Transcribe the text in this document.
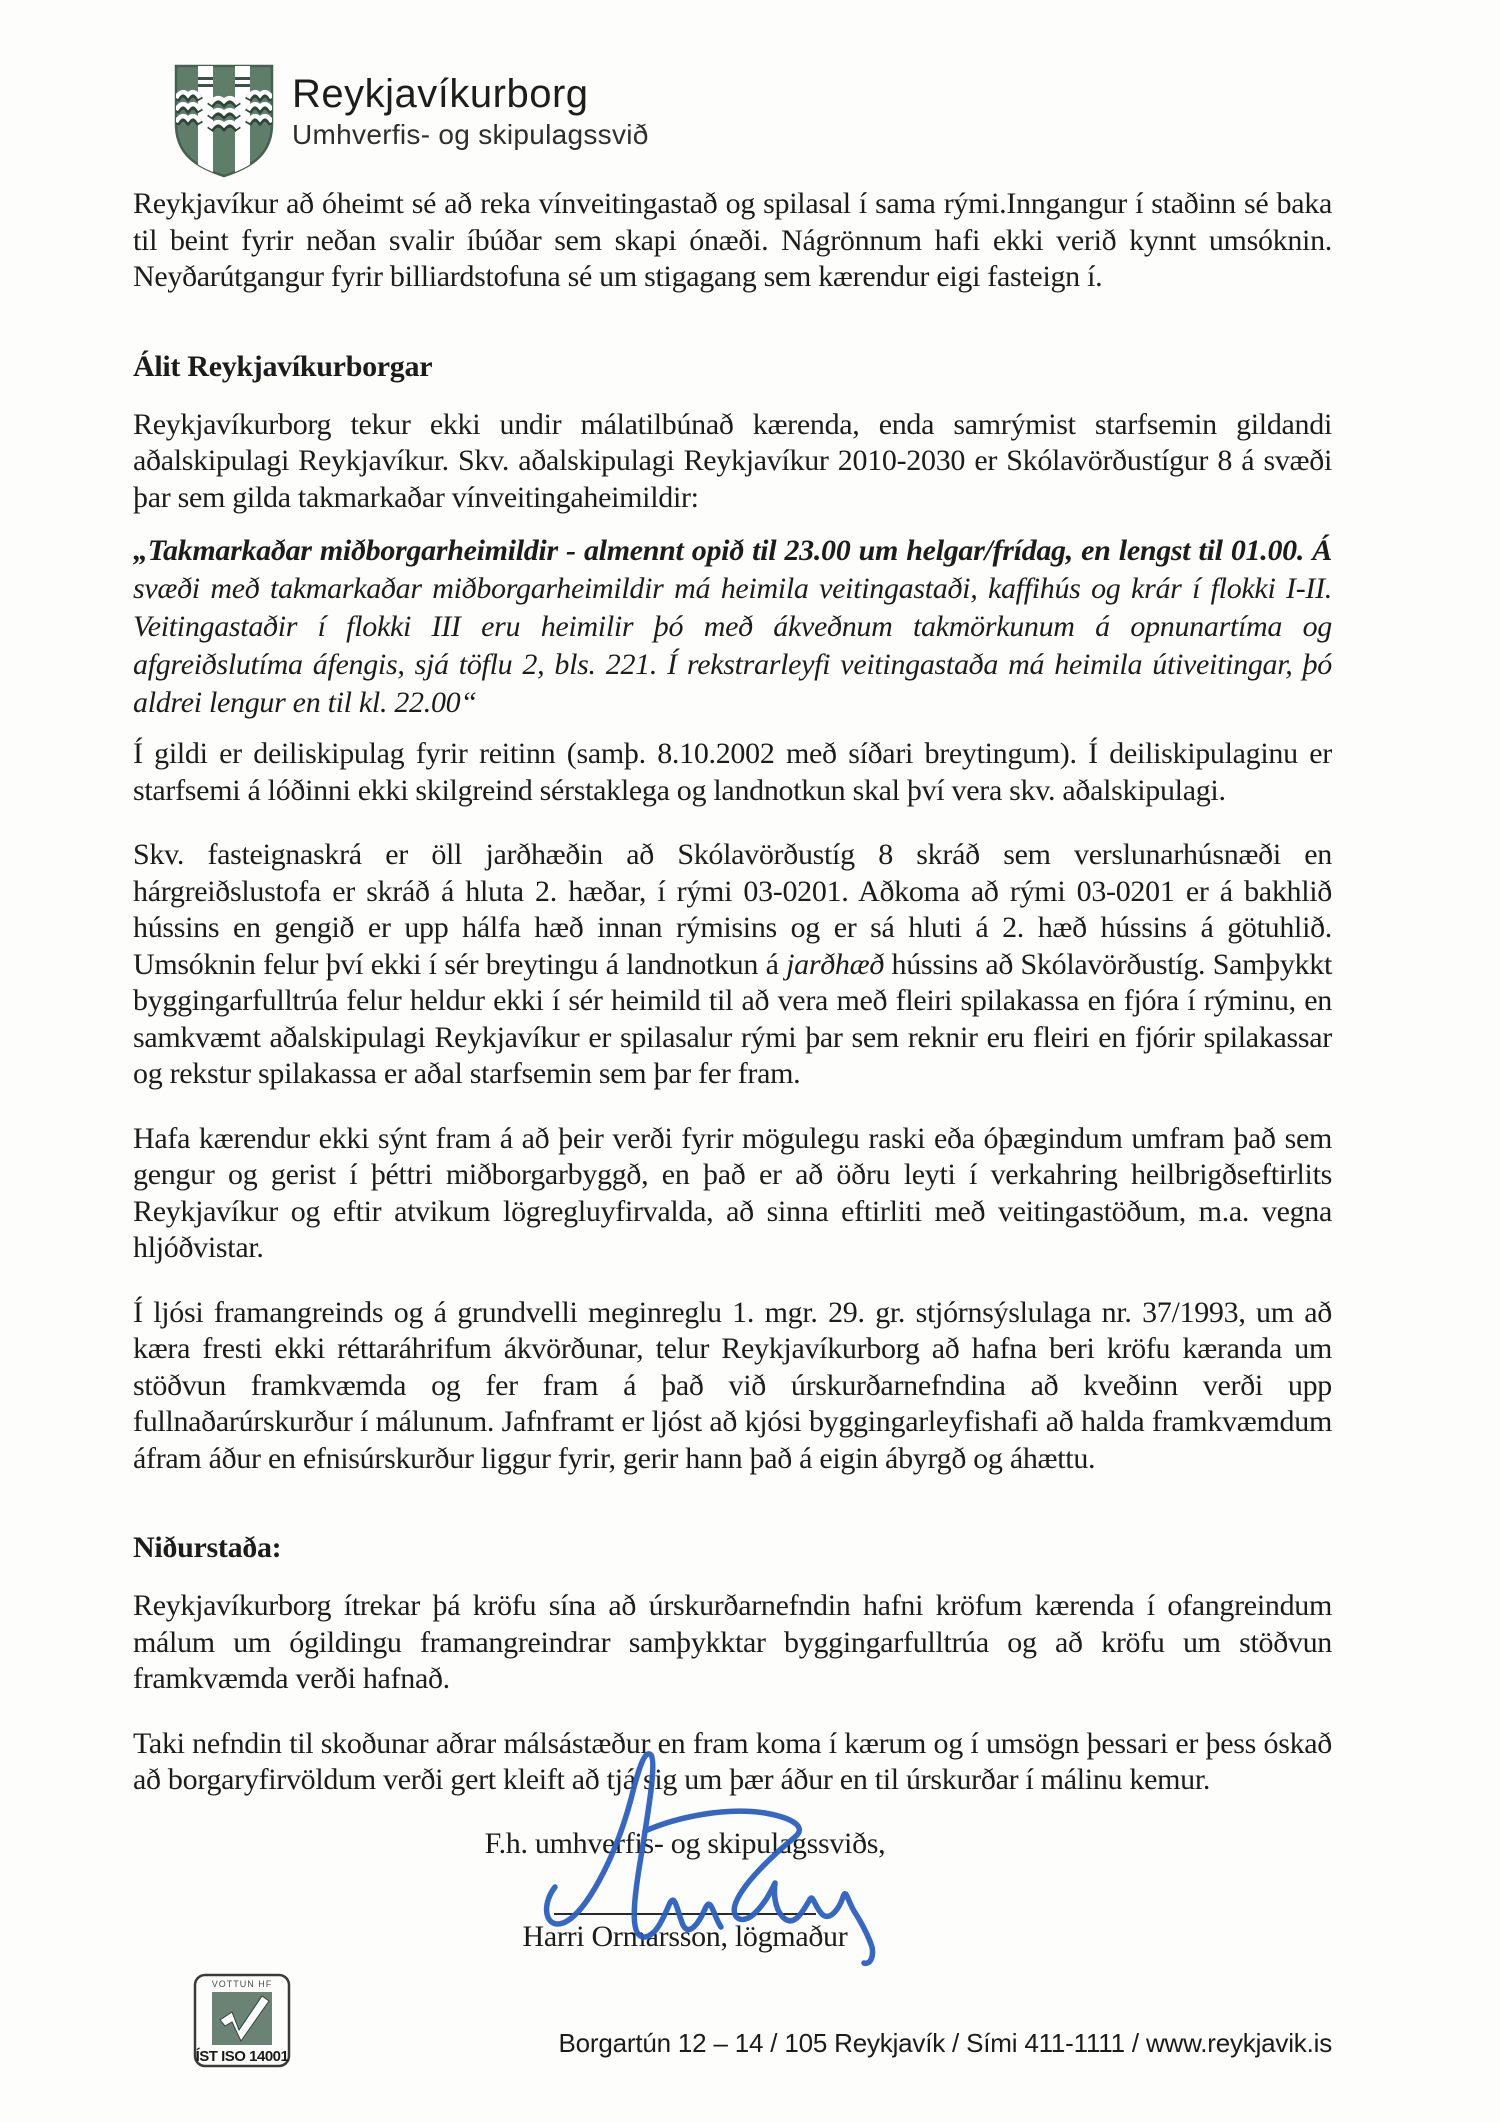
Reykjavíkurborg
Umhverfis- og skipulagssvið

Reykjavíkur að óheimt sé að reka vínveitingastað og spilasal í sama rými.Inngangur í staðinn sé baka til beint fyrir neðan svalir íbúðar sem skapi ónæði. Nágrönnum hafi ekki verið kynnt umsóknin. Neyðarútgangur fyrir billiardstofuna sé um stigagang sem kærendur eigi fasteign í.

Álit Reykjavíkurborgar

Reykjavíkurborg tekur ekki undir málatilbúnað kærenda, enda samrýmist starfsemin gildandi aðalskipulagi Reykjavíkur. Skv. aðalskipulagi Reykjavíkur 2010-2030 er Skólavörðustígur 8 á svæði þar sem gilda takmarkaðar vínveitingaheimildir:

„Takmarkaðar miðborgarheimildir - almennt opið til 23.00 um helgar/frídag, en lengst til 01.00. Á svæði með takmarkaðar miðborgarheimildir má heimila veitingastaði, kaffihús og krár í flokki I-II. Veitingastaðir í flokki III eru heimilir þó með ákveðnum takmörkunum á opnunartíma og afgreiðslutíma áfengis, sjá töflu 2, bls. 221. Í rekstrarleyfi veitingastaða má heimila útiveitingar, þó aldrei lengur en til kl. 22.00“

Í gildi er deiliskipulag fyrir reitinn (samþ. 8.10.2002 með síðari breytingum). Í deiliskipulaginu er starfsemi á lóðinni ekki skilgreind sérstaklega og landnotkun skal því vera skv. aðalskipulagi.

Skv. fasteignaskrá er öll jarðhæðin að Skólavörðustíg 8 skráð sem verslunarhúsnæði en hárgreiðslustofa er skráð á hluta 2. hæðar, í rými 03-0201. Aðkoma að rými 03-0201 er á bakhlið hússins en gengið er upp hálfa hæð innan rýmisins og er sá hluti á 2. hæð hússins á götuhlið. Umsóknin felur því ekki í sér breytingu á landnotkun á jarðhæð hússins að Skólavörðustíg. Samþykkt byggingarfulltrúa felur heldur ekki í sér heimild til að vera með fleiri spilakassa en fjóra í rýminu, en samkvæmt aðalskipulagi Reykjavíkur er spilasalur rými þar sem reknir eru fleiri en fjórir spilakassar og rekstur spilakassa er aðal starfsemin sem þar fer fram.

Hafa kærendur ekki sýnt fram á að þeir verði fyrir mögulegu raski eða óþægindum umfram það sem gengur og gerist í þéttri miðborgarbyggð, en það er að öðru leyti í verkahring heilbrigðseftirlits Reykjavíkur og eftir atvikum lögregluyfirvalda, að sinna eftirliti með veitingastöðum, m.a. vegna hljóðvistar.

Í ljósi framangreinds og á grundvelli meginreglu 1. mgr. 29. gr. stjórnsýslulaga nr. 37/1993, um að kæra fresti ekki réttaráhrifum ákvörðunar, telur Reykjavíkurborg að hafna beri kröfu kæranda um stöðvun framkvæmda og fer fram á það við úrskurðarnefndina að kveðinn verði upp fullnaðarúrskurður í málunum. Jafnframt er ljóst að kjósi byggingarleyfishafi að halda framkvæmdum áfram áður en efnisúrskurður liggur fyrir, gerir hann það á eigin ábyrgð og áhættu.

Niðurstaða:

Reykjavíkurborg ítrekar þá kröfu sína að úrskurðarnefndin hafni kröfum kærenda í ofangreindum málum um ógildingu framangreindrar samþykktar byggingarfulltrúa og að kröfu um stöðvun framkvæmda verði hafnað.

Taki nefndin til skoðunar aðrar málsástæður en fram koma í kærum og í umsögn þessari er þess óskað að borgaryfirvöldum verði gert kleift að tjá sig um þær áður en til úrskurðar í málinu kemur.

F.h. umhverfis- og skipulagssviðs,
Harri Ormarsson, lögmaður
VOTTUN HF
ÍST ISO 14001	Borgartún 12 – 14 / 105 Reykjavík / Sími 411-1111 / www.reykjavik.is
